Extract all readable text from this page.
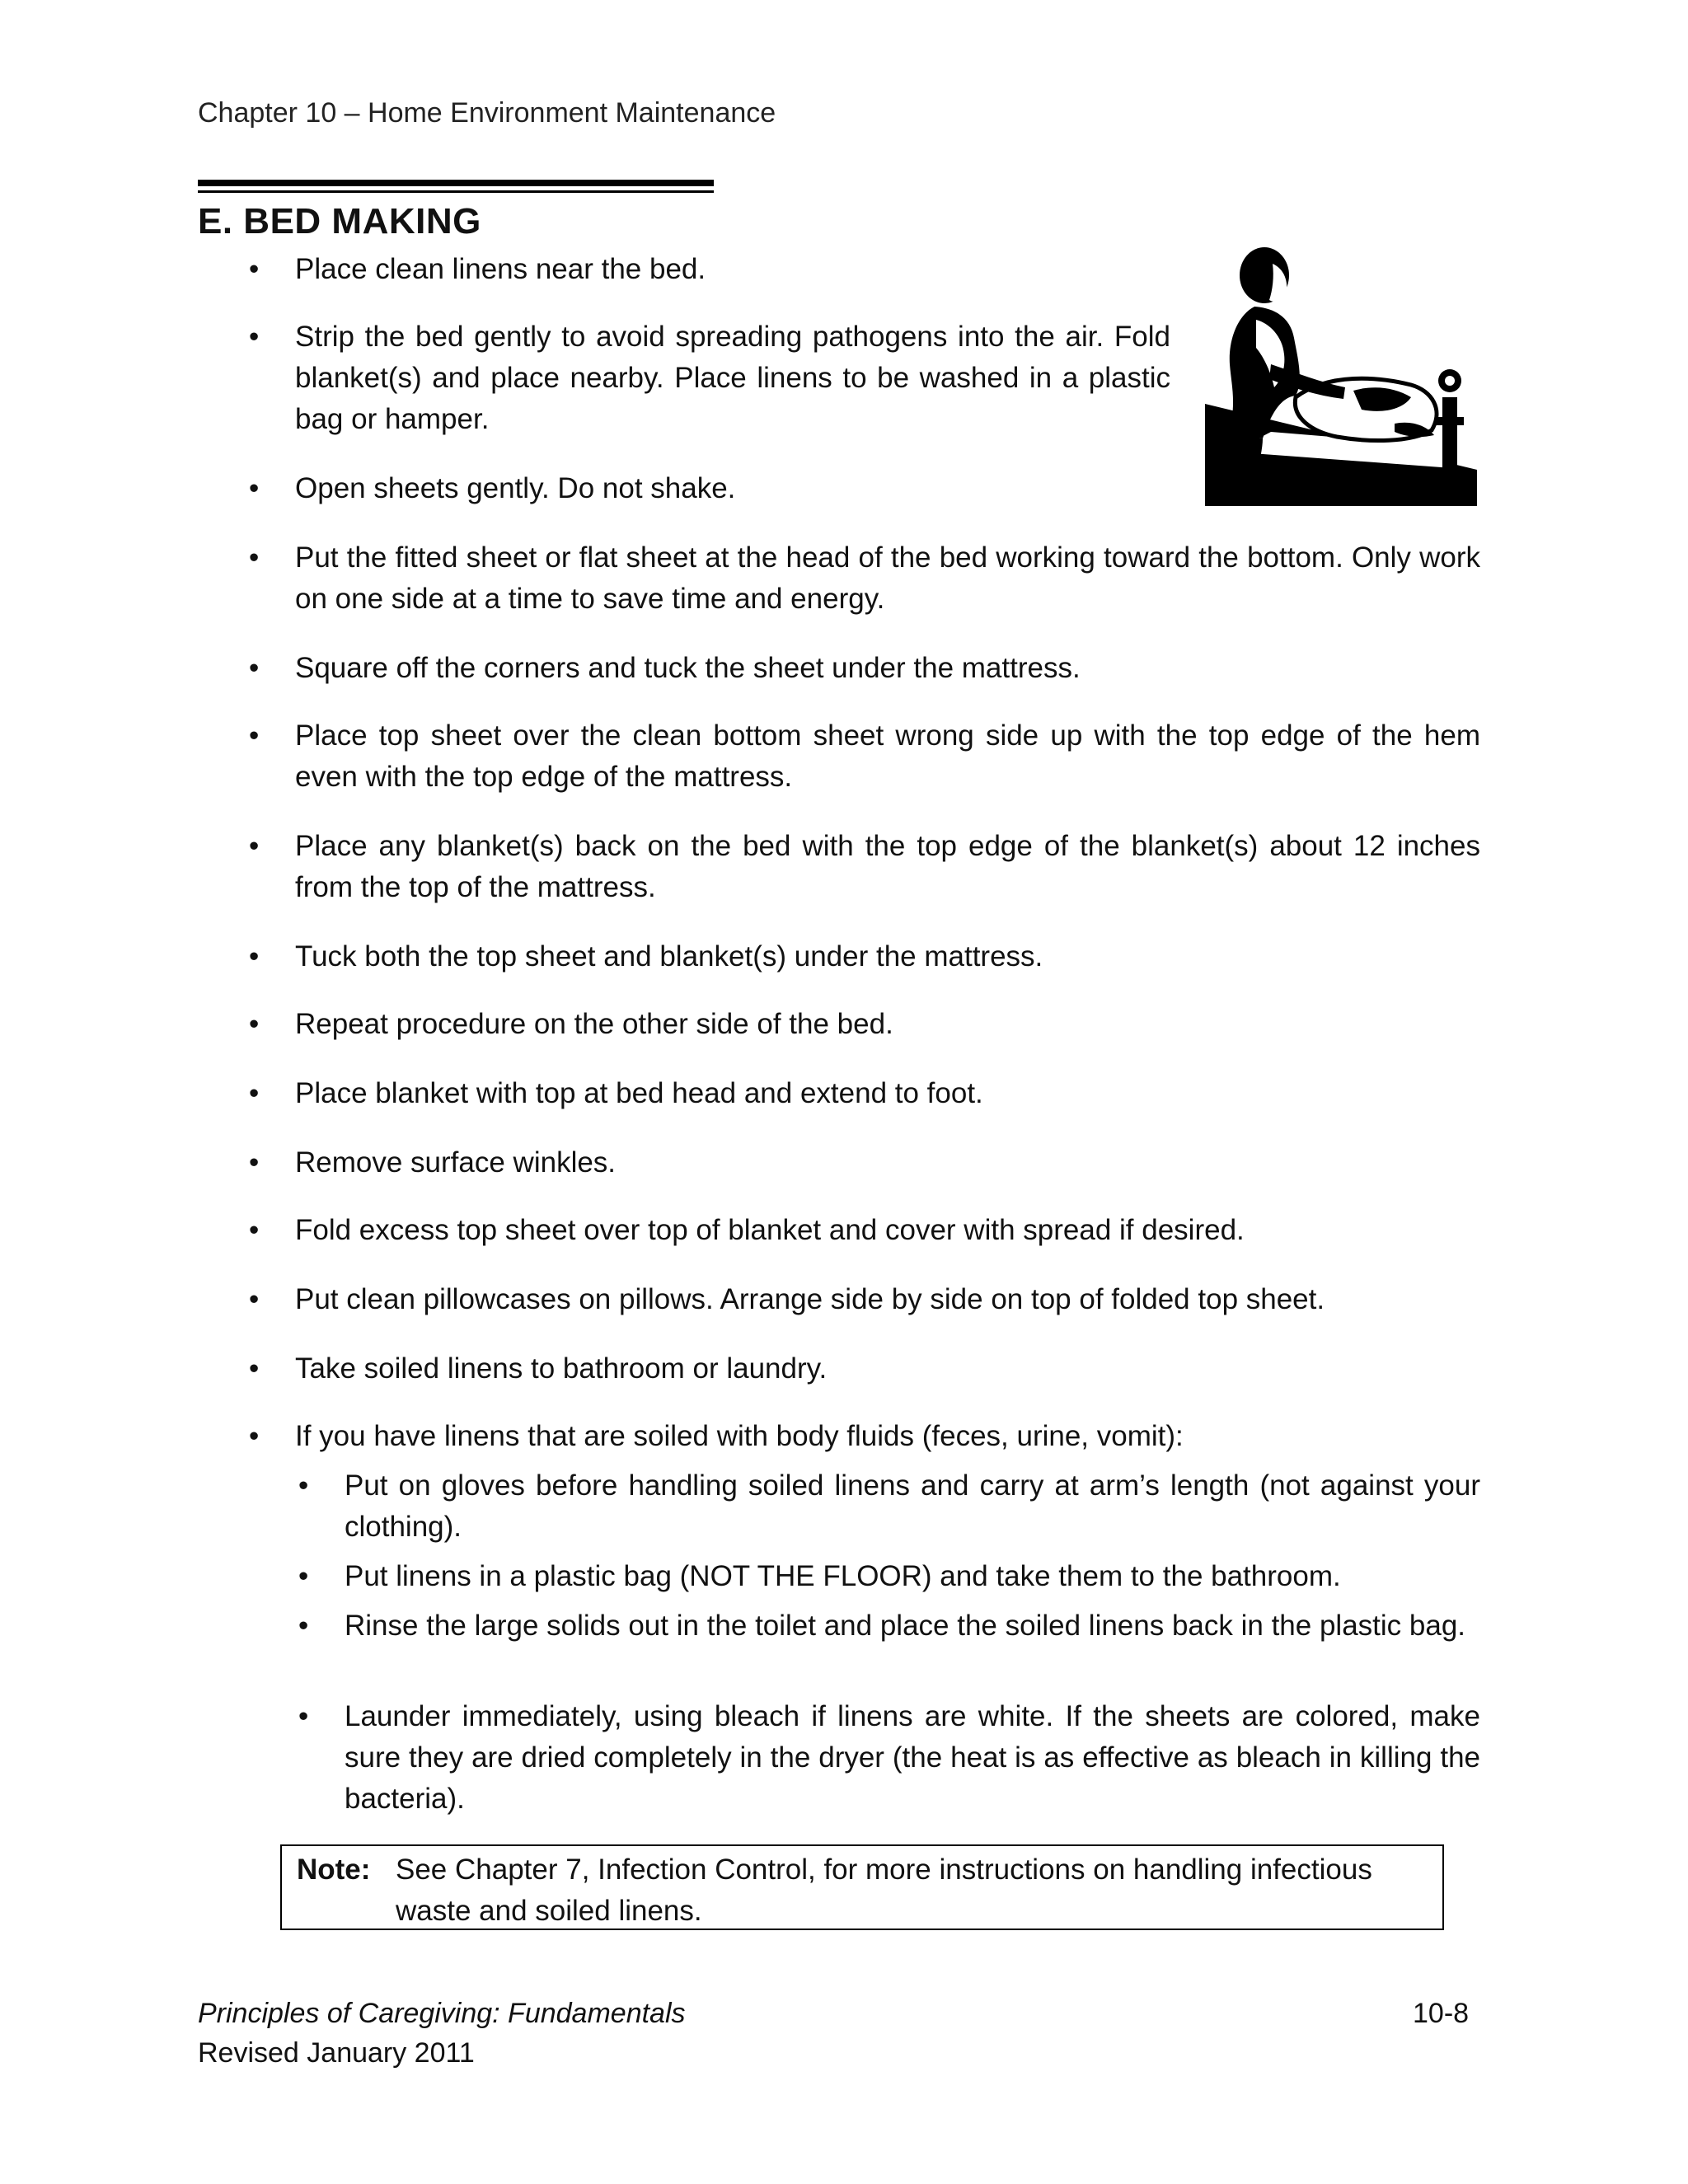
Chapter 10 – Home Environment Maintenance
E. BED MAKING
• Place clean linens near the bed.
• Strip the bed gently to avoid spreading pathogens into the air. Fold blanket(s) and place nearby. Place linens to be washed in a plastic bag or hamper.
• Open sheets gently. Do not shake.
• Put the fitted sheet or flat sheet at the head of the bed working toward the bottom. Only work on one side at a time to save time and energy.
• Square off the corners and tuck the sheet under the mattress.
• Place top sheet over the clean bottom sheet wrong side up with the top edge of the hem even with the top edge of the mattress.
• Place any blanket(s) back on the bed with the top edge of the blanket(s) about 12 inches from the top of the mattress.
• Tuck both the top sheet and blanket(s) under the mattress.
• Repeat procedure on the other side of the bed.
• Place blanket with top at bed head and extend to foot.
• Remove surface winkles.
• Fold excess top sheet over top of blanket and cover with spread if desired.
• Put clean pillowcases on pillows. Arrange side by side on top of folded top sheet.
• Take soiled linens to bathroom or laundry.
• If you have linens that are soiled with body fluids (feces, urine, vomit):
• Put on gloves before handling soiled linens and carry at arm’s length (not against your clothing).
• Put linens in a plastic bag (NOT THE FLOOR) and take them to the bathroom.
• Rinse the large solids out in the toilet and place the soiled linens back in the plastic bag.
• Launder immediately, using bleach if linens are white. If the sheets are colored, make sure they are dried completely in the dryer (the heat is as effective as bleach in killing the bacteria).
Note: See Chapter 7, Infection Control, for more instructions on handling infectious waste and soiled linens.
Principles of Caregiving: Fundamentals	10-8
Revised January 2011
